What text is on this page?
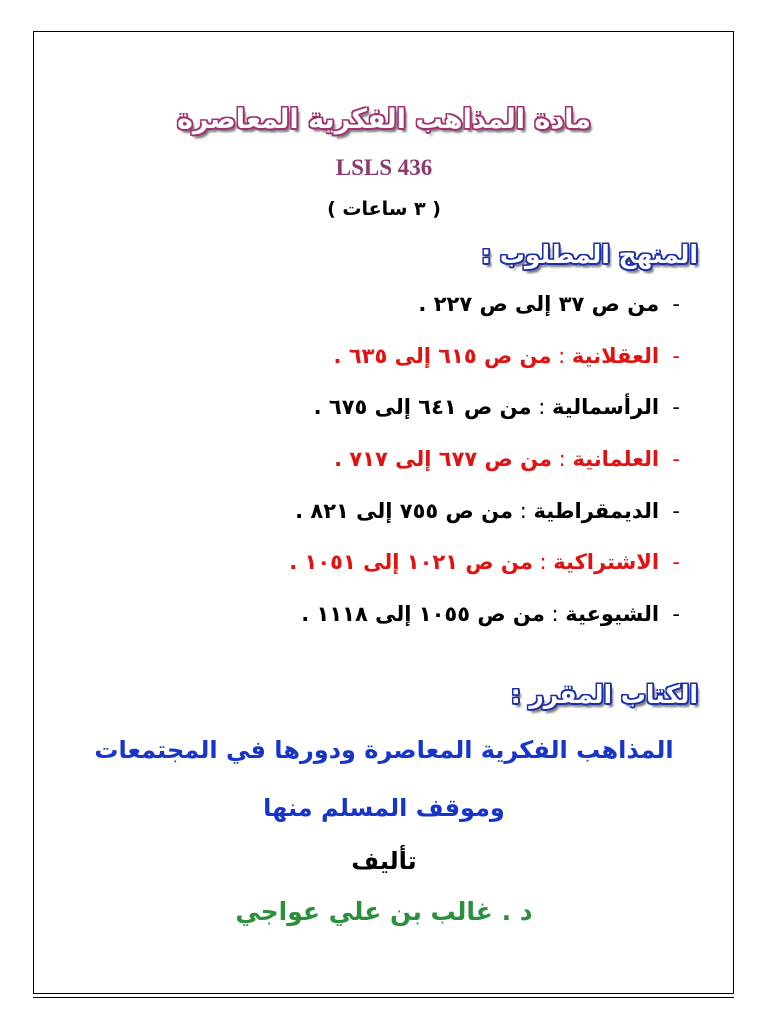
مادة المذاهب الفكرية المعاصرة
LSLS 436
( ٣ ساعات )
المنهج المطلوب :
- من ص ٣٧ إلى ص ٢٢٧ .
- العقلانية : من ص ٦١٥ إلى ٦٣٥ .
- الرأسمالية : من ص ٦٤١ إلى ٦٧٥ .
- العلمانية : من ص ٦٧٧ إلى ٧١٧ .
- الديمقراطية : من ص ٧٥٥ إلى ٨٢١ .
- الاشتراكية : من ص ١٠٢١ إلى ١٠٥١ .
- الشيوعية : من ص ١٠٥٥ إلى ١١١٨ .
الكتاب المقرر :
المذاهب الفكرية المعاصرة ودورها في المجتمعات
وموقف المسلم منها
تأليف
د . غالب بن علي عواجي
